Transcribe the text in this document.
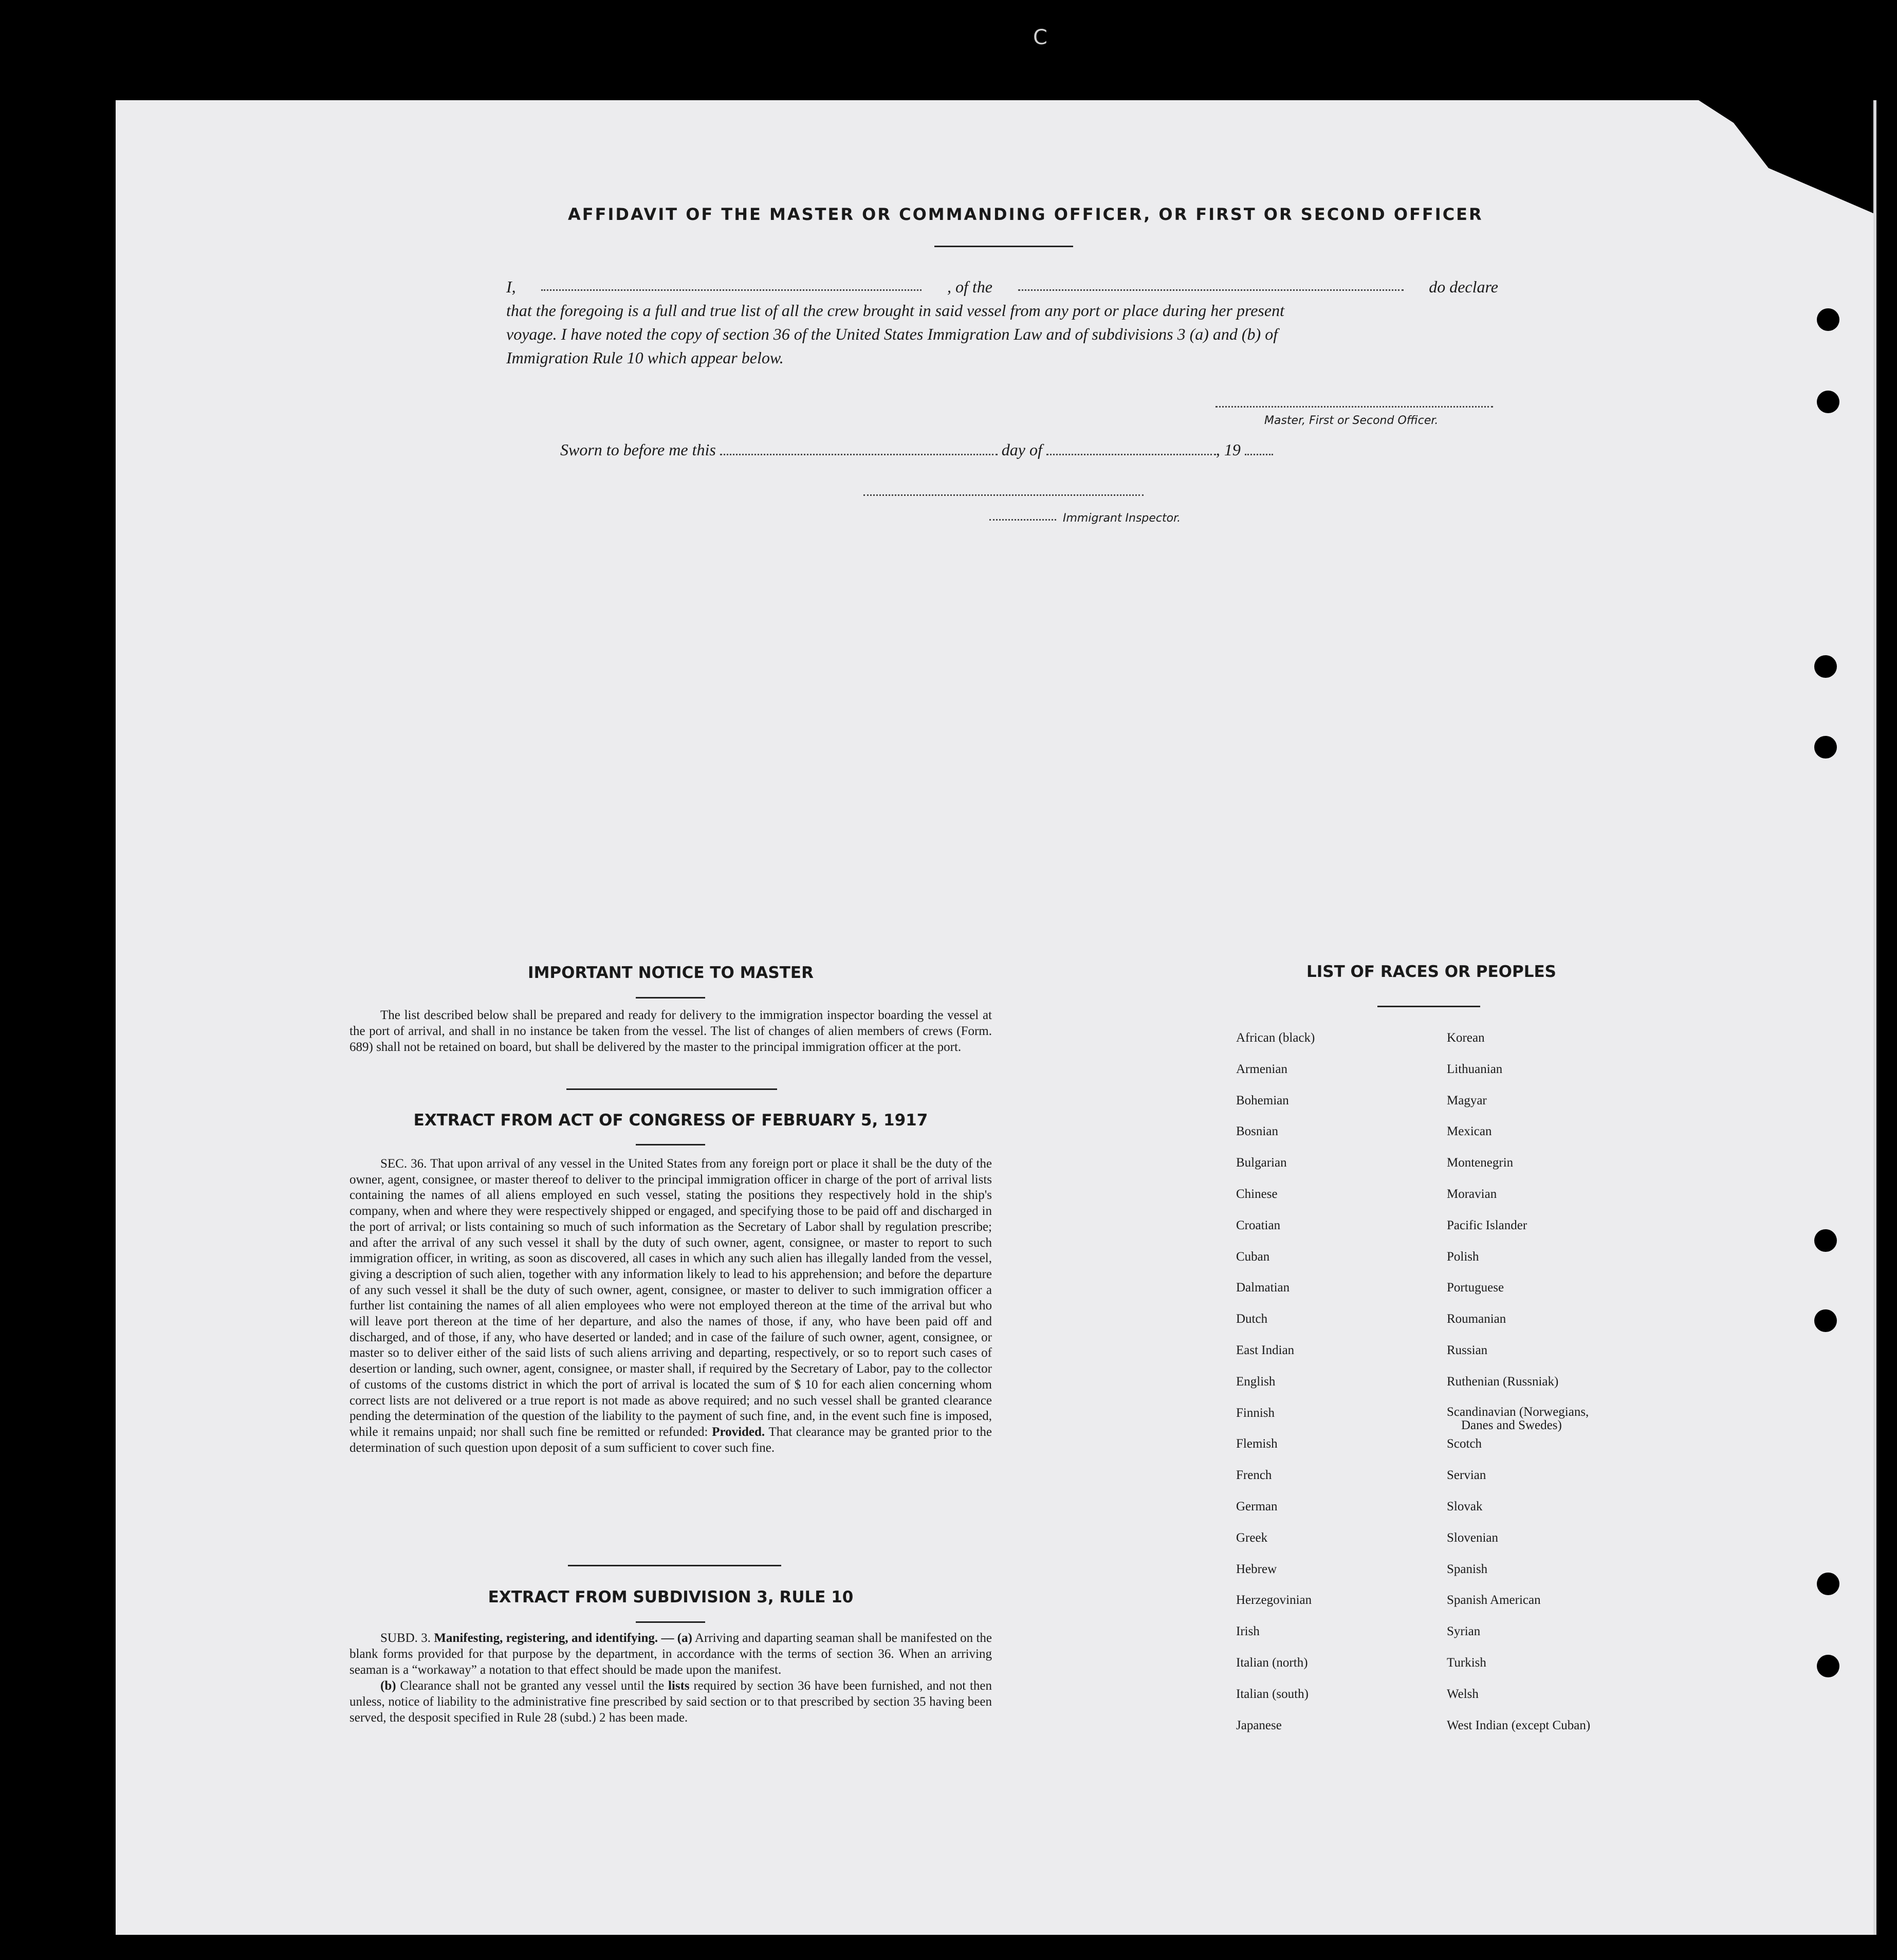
C
AFFIDAVIT OF THE MASTER OR COMMANDING OFFICER, OR FIRST OR SECOND OFFICER
I,	, of the	do declare
that the foregoing is a full and true list of all the crew brought in said vessel from any port or place during her present
voyage. I have noted the copy of section 36 of the United States Immigration Law and of subdivisions 3 (a) and (b) of
Immigration Rule 10 which appear below.
Master, First or Second Officer.
Sworn to before me this	day of	, 19
Immigrant Inspector.
IMPORTANT NOTICE TO MASTER

The list described below shall be prepared and ready for delivery to the immigration inspector boarding the vessel at the port of arrival, and shall in no instance be taken from the vessel. The list of changes of alien members of crews (Form. 689) shall not be retained on board, but shall be delivered by the master to the principal immigration officer at the port.

EXTRACT FROM ACT OF CONGRESS OF FEBRUARY 5, 1917

SEC. 36. That upon arrival of any vessel in the United States from any foreign port or place it shall be the duty of the owner, agent, consignee, or master thereof to deliver to the principal immigration officer in charge of the port of arrival lists containing the names of all aliens employed en such vessel, stating the positions they respectively hold in the ship's company, when and where they were respectively shipped or engaged, and specifying those to be paid off and discharged in the port of arrival; or lists containing so much of such information as the Secretary of Labor shall by regulation prescribe; and after the arrival of any such vessel it shall by the duty of such owner, agent, consignee, or master to report to such immigration officer, in writing, as soon as discovered, all cases in which any such alien has illegally landed from the vessel, giving a description of such alien, together with any information likely to lead to his apprehension; and before the departure of any such vessel it shall be the duty of such owner, agent, consignee, or master to deliver to such immigration officer a further list containing the names of all alien employees who were not employed thereon at the time of the arrival but who will leave port thereon at the time of her departure, and also the names of those, if any, who have been paid off and discharged, and of those, if any, who have deserted or landed; and in case of the failure of such owner, agent, consignee, or master so to deliver either of the said lists of such aliens arriving and departing, respectively, or so to report such cases of desertion or landing, such owner, agent, consignee, or master shall, if required by the Secretary of Labor, pay to the collector of customs of the customs district in which the port of arrival is located the sum of $ 10 for each alien concerning whom correct lists are not delivered or a true report is not made as above required; and no such vessel shall be granted clearance pending the determination of the question of the liability to the payment of such fine, and, in the event such fine is imposed, while it remains unpaid; nor shall such fine be remitted or refunded: Provided. That clearance may be granted prior to the determination of such question upon deposit of a sum sufficient to cover such fine.

EXTRACT FROM SUBDIVISION 3, RULE 10

SUBD. 3. Manifesting, registering, and identifying. — (a) Arriving and daparting seaman shall be manifested on the blank forms provided for that purpose by the department, in accordance with the terms of section 36. When an arriving seaman is a “workaway” a notation to that effect should be made upon the manifest.

(b) Clearance shall not be granted any vessel until the lists required by section 36 have been furnished, and not then unless, notice of liability to the administrative fine prescribed by said section or to that prescribed by section 35 having been served, the desposit specified in Rule 28 (subd.) 2 has been made.

LIST OF RACES OR PEOPLES
African (black)
Armenian
Bohemian
Bosnian
Bulgarian
Chinese
Croatian
Cuban
Dalmatian
Dutch
East Indian
English
Finnish
Flemish
French
German
Greek
Hebrew
Herzegovinian
Irish
Italian (north)
Italian (south)
Japanese
Korean
Lithuanian
Magyar
Mexican
Montenegrin
Moravian
Pacific Islander
Polish
Portuguese
Roumanian
Russian
Ruthenian (Russniak)
Scandinavian (Norwegians,
Danes and Swedes)
Scotch
Servian
Slovak
Slovenian
Spanish
Spanish American
Syrian
Turkish
Welsh
West Indian (except Cuban)
